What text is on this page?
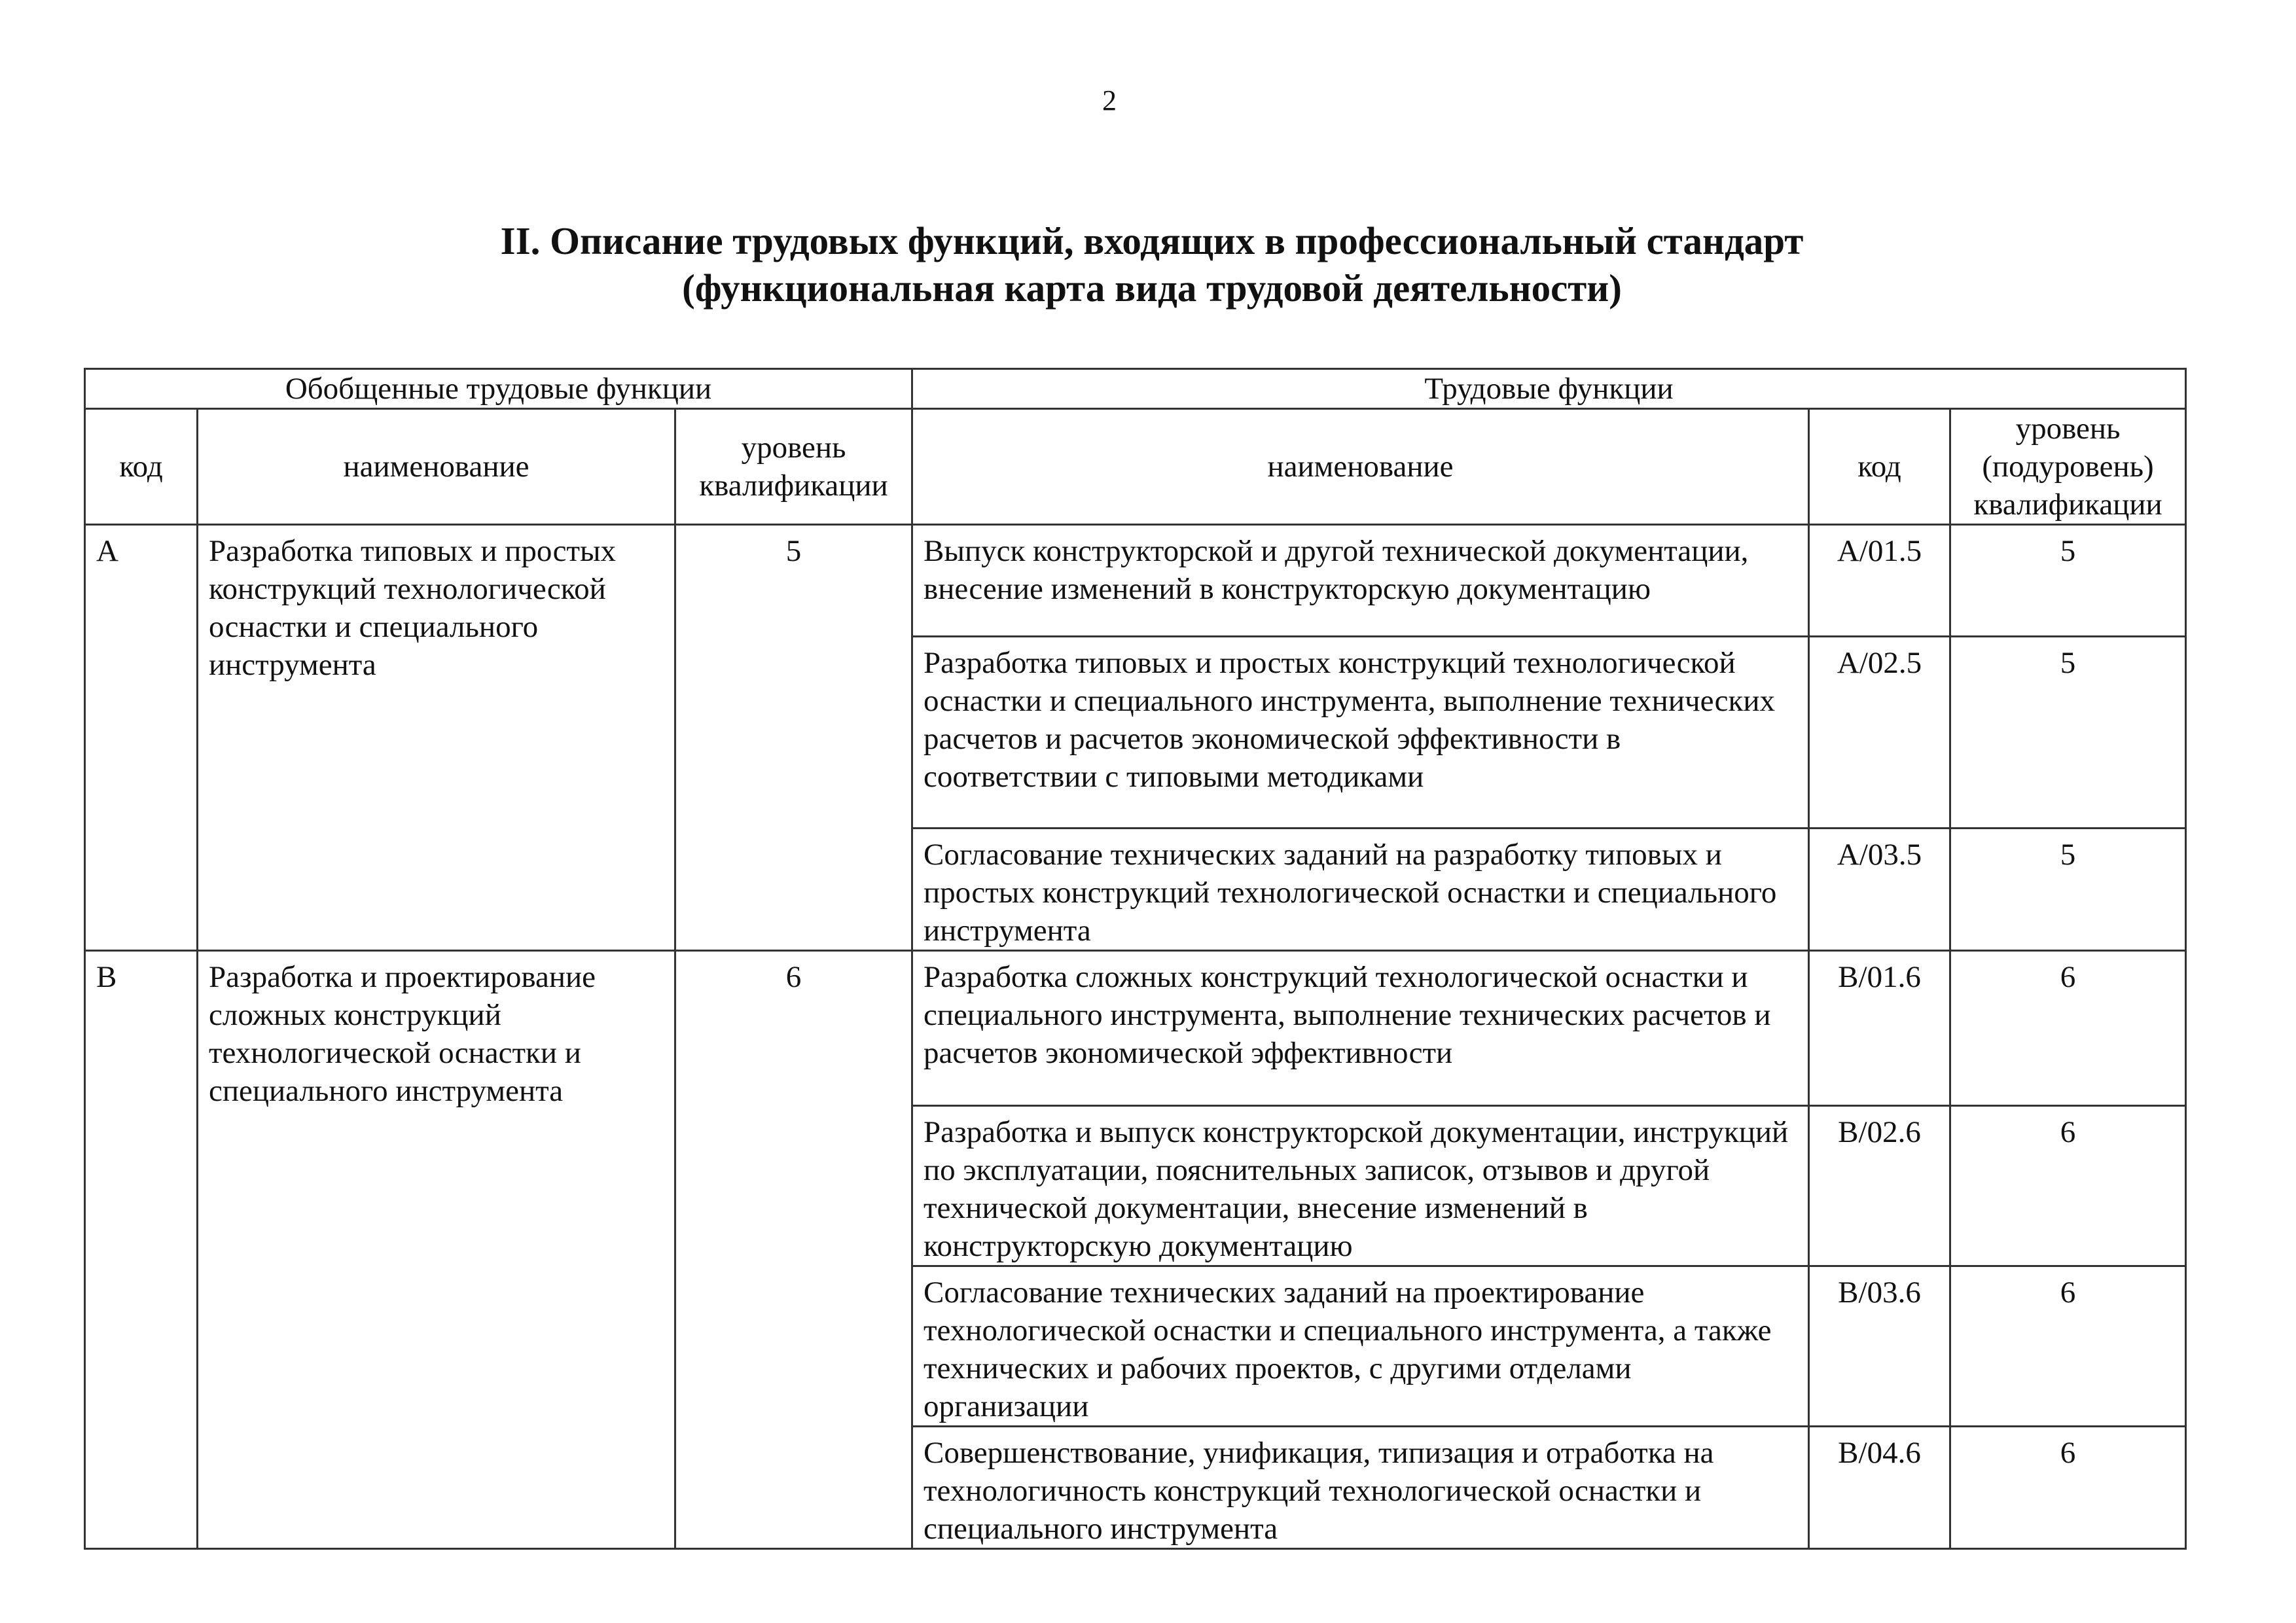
2
II. Описание трудовых функций, входящих в профессиональный стандарт
(функциональная карта вида трудовой деятельности)
Обобщенные трудовые функции			Трудовые функции		
код	наименование	уровень квалификации	наименование	код	уровень (подуровень) квалификации
A	Разработка типовых и простых конструкций технологической оснастки и специального инструмента	5	Выпуск конструкторской и другой технической документации, внесение изменений в конструкторскую документацию	A/01.5	5
			Разработка типовых и простых конструкций технологической оснастки и специального инструмента, выполнение технических расчетов и расчетов экономической эффективности в соответствии с типовыми методиками	A/02.5	5
			Согласование технических заданий на разработку типовых и простых конструкций технологической оснастки и специального инструмента	A/03.5	5
B	Разработка и проектирование сложных конструкций технологической оснастки и специального инструмента	6	Разработка сложных конструкций технологической оснастки и специального инструмента, выполнение технических расчетов и расчетов экономической эффективности	B/01.6	6
			Разработка и выпуск конструкторской документации, инструкций по эксплуатации, пояснительных записок, отзывов и другой технической документации, внесение изменений в конструкторскую документацию	B/02.6	6
			Согласование технических заданий на проектирование технологической оснастки и специального инструмента, а также технических и рабочих проектов, с другими отделами организации	B/03.6	6
			Совершенствование, унификация, типизация и отработка на технологичность конструкций технологической оснастки и специального инструмента	B/04.6	6
